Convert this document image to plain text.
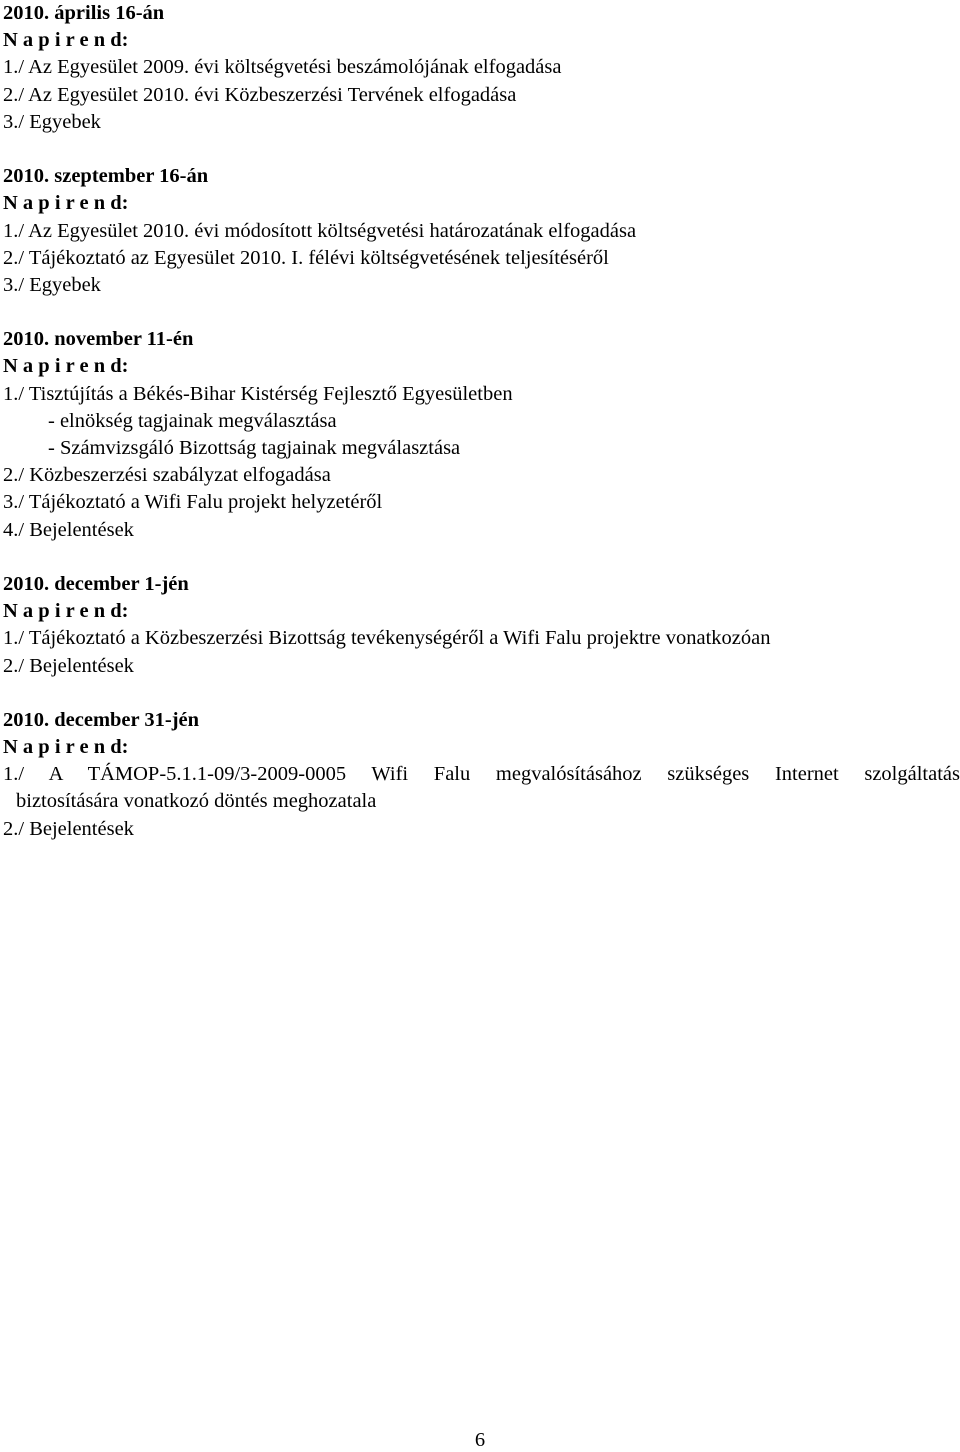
2010. április 16-án
N a p i r e n d:
1./ Az Egyesület 2009. évi költségvetési beszámolójának elfogadása
2./ Az Egyesület 2010. évi Közbeszerzési Tervének elfogadása
3./ Egyebek
2010. szeptember 16-án
N a p i r e n d:
1./ Az Egyesület 2010. évi módosított költségvetési határozatának elfogadása
2./ Tájékoztató az Egyesület 2010. I. félévi költségvetésének teljesítéséről
3./ Egyebek
2010. november 11-én
N a p i r e n d:
1./ Tisztújítás a Békés-Bihar Kistérség Fejlesztő Egyesületben
- elnökség tagjainak megválasztása
- Számvizsgáló Bizottság tagjainak megválasztása
2./ Közbeszerzési szabályzat elfogadása
3./ Tájékoztató a Wifi Falu projekt helyzetéről
4./ Bejelentések
2010. december 1-jén
N a p i r e n d:
1./ Tájékoztató a Közbeszerzési Bizottság tevékenységéről a Wifi Falu projektre vonatkozóan
2./ Bejelentések
2010. december 31-jén
N a p i r e n d:
1./ A TÁMOP-5.1.1-09/3-2009-0005 Wifi Falu megvalósításához szükséges Internet szolgáltatás
biztosítására vonatkozó döntés meghozatala
2./ Bejelentések
6
